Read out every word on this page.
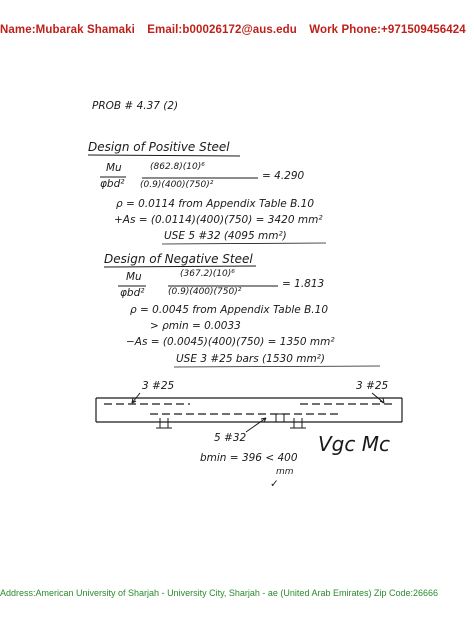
Name:Mubarak Shamaki Email:b00026172@aus.edu Work Phone:+971509456424
PROB # 4.37 (2)
Design of Positive Steel
Mu
φbd²
(862.8)(10)⁶
(0.9)(400)(750)²
= 4.290
ρ = 0.0114 from Appendix Table B.10
+As = (0.0114)(400)(750) = 3420 mm²
USE 5 #32 (4095 mm²)
Design of Negative Steel
Mu
φbd²
(367.2)(10)⁶
(0.9)(400)(750)²
= 1.813
ρ = 0.0045 from Appendix Table B.10
> ρmin = 0.0033
−As = (0.0045)(400)(750) = 1350 mm²
USE 3 #25 bars (1530 mm²)
3 #25	3 #25
5 #32
bmin = 396 < 400
mm
✓
Vgc Mc
Address:American University of Sharjah - University City, Sharjah - ae (United Arab Emirates) Zip Code:26666
